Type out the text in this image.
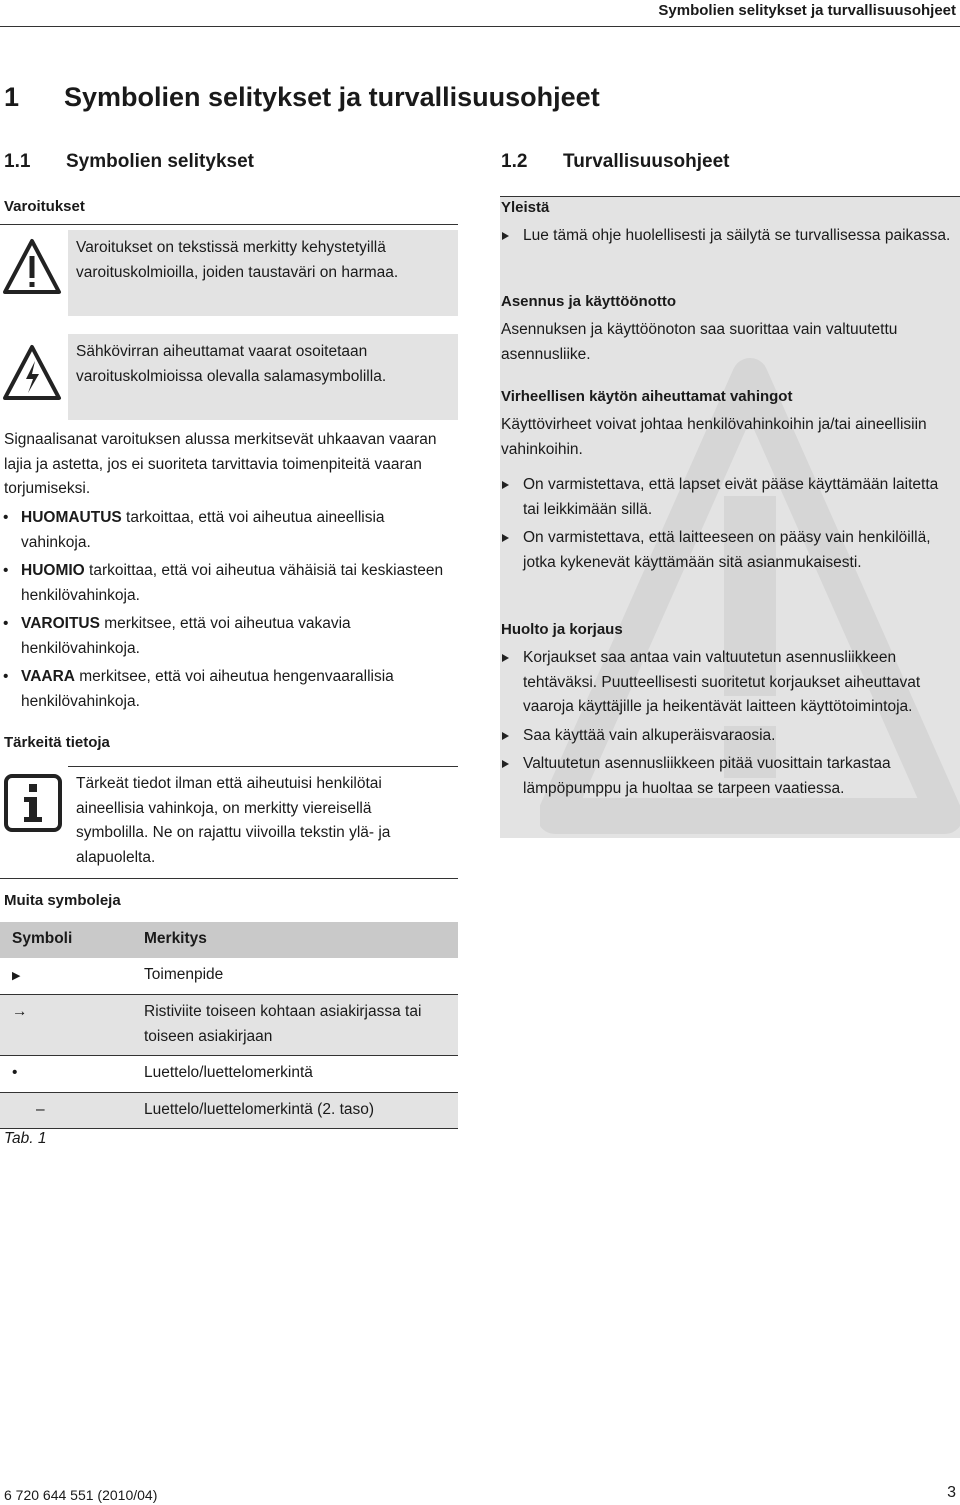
Symbolien selitykset ja turvallisuusohjeet
1 Symbolien selitykset ja turvallisuusohjeet
1.1 Symbolien selitykset
Varoitukset
Varoitukset on tekstissä merkitty kehystetyillä varoituskolmioilla, joiden taustaväri on harmaa.
Sähkövirran aiheuttamat vaarat osoitetaan varoituskolmioissa olevalla salamasymbolilla.
Signaalisanat varoituksen alussa merkitsevät uhkaavan vaaran lajia ja astetta, jos ei suoriteta tarvittavia toimenpiteitä vaaran torjumiseksi.
• HUOMAUTUS tarkoittaa, että voi aiheutua aineellisia vahinkoja.
• HUOMIO tarkoittaa, että voi aiheutua vähäisiä tai keskiasteen henkilövahinkoja.
• VAROITUS merkitsee, että voi aiheutua vakavia henkilövahinkoja.
• VAARA merkitsee, että voi aiheutua hengenvaarallisia henkilövahinkoja.
Tärkeitä tietoja
Tärkeät tiedot ilman että aiheutuisi henkilötai aineellisia vahinkoja, on merkitty viereisellä symbolilla. Ne on rajattu viivoilla tekstin ylä- ja alapuolelta.
Muita symboleja
Symboli	Merkitys
▶	Toimenpide
→	Ristiviite toiseen kohtaan asiakirjassa tai toiseen asiakirjaan
•	Luettelo/luettelomerkintä
–	Luettelo/luettelomerkintä (2. taso)
Tab. 1
1.2 Turvallisuusohjeet
Yleistä
Lue tämä ohje huolellisesti ja säilytä se turvallisessa paikassa.
Asennus ja käyttöönotto
Asennuksen ja käyttöönoton saa suorittaa vain valtuutettu asennusliike.
Virheellisen käytön aiheuttamat vahingot
Käyttövirheet voivat johtaa henkilövahinkoihin ja/tai aineellisiin vahinkoihin.
On varmistettava, että lapset eivät pääse käyttämään laitetta tai leikkimään sillä.
On varmistettava, että laitteeseen on pääsy vain henkilöillä, jotka kykenevät käyttämään sitä asianmukaisesti.
Huolto ja korjaus
Korjaukset saa antaa vain valtuutetun asennusliikkeen tehtäväksi. Puutteellisesti suoritetut korjaukset aiheuttavat vaaroja käyttäjille ja heikentävät laitteen käyttötoimintoja.
Saa käyttää vain alkuperäisvaraosia.
Valtuutetun asennusliikkeen pitää vuosittain tarkastaa lämpöpumppu ja huoltaa se tarpeen vaatiessa.
6 720 644 551 (2010/04)	3
